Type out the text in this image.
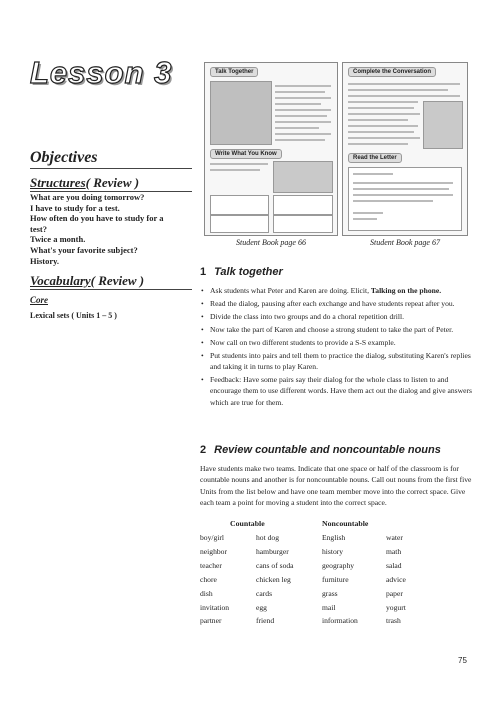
Lesson 3
Objectives
Structures( Review )
What are you doing tomorrow?
I have to study for a test.
How often do you have to study for a
test?
Twice a month.
What's your favorite subject?
History.
Vocabulary( Review )
Core
Lexical sets ( Units 1 – 5 )
Talk Together
Write What You Know
Student Book page 66
Complete the Conversation
Read the Letter
Student Book page 67
1 Talk together
• Ask students what Peter and Karen are doing. Elicit, Talking on the phone.
• Read the dialog, pausing after each exchange and have students repeat after you.
• Divide the class into two groups and do a choral repetition drill.
• Now take the part of Karen and choose a strong student to take the part of Peter.
• Now call on two different students to provide a S-S example.
• Put students into pairs and tell them to practice the dialog, substituting Karen's replies and taking it in turns to play Karen.
• Feedback: Have some pairs say their dialog for the whole class to listen to and encourage them to use different words. Have them act out the dialog and give answers which are true for them.
2 Review countable and noncountable nouns
Have students make two teams. Indicate that one space or half of the classroom is for countable nouns and another is for noncountable nouns. Call out nouns from the first five Units from the list below and have one team member move into the correct space. Give each team a point for moving a student into the correct space.
Countable	Noncountable
boy/girl
neighbor
teacher
chore
dish
invitation
partner
hot dog
hamburger
cans of soda
chicken leg
cards
egg
friend
English
history
geography
furniture
grass
mail
information
water
math
salad
advice
paper
yogurt
trash
75
